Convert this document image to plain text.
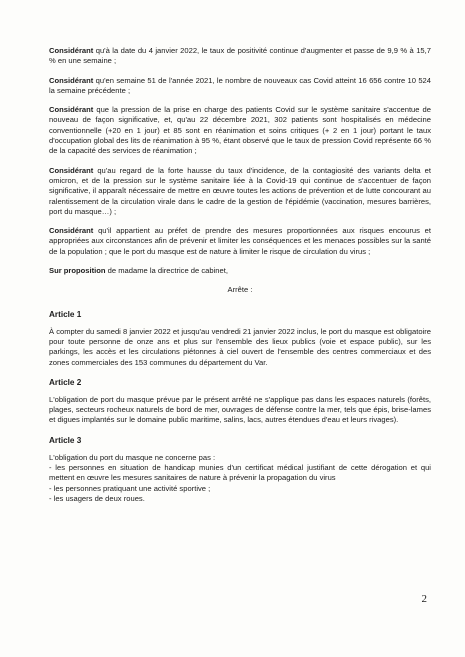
Considérant qu'à la date du 4 janvier 2022, le taux de positivité continue d'augmenter et passe de 9,9 % à 15,7 % en une semaine ;

Considérant qu'en semaine 51 de l'année 2021, le nombre de nouveaux cas Covid atteint 16 656 contre 10 524 la semaine précédente ;

Considérant que la pression de la prise en charge des patients Covid sur le système sanitaire s'accentue de nouveau de façon significative, et, qu'au 22 décembre 2021, 302 patients sont hospitalisés en médecine conventionnelle (+20 en 1 jour) et 85 sont en réanimation et soins critiques (+ 2 en 1 jour) portant le taux d'occupation global des lits de réanimation à 95 %, étant observé que le taux de pression Covid représente 66 % de la capacité des services de réanimation ;

Considérant qu'au regard de la forte hausse du taux d'incidence, de la contagiosité des variants delta et omicron, et de la pression sur le système sanitaire liée à la Covid-19 qui continue de s'accentuer de façon significative, il apparaît nécessaire de mettre en œuvre toutes les actions de prévention et de lutte concourant au ralentissement de la circulation virale dans le cadre de la gestion de l'épidémie (vaccination, mesures barrières, port du masque…) ;

Considérant qu'il appartient au préfet de prendre des mesures proportionnées aux risques encourus et appropriées aux circonstances afin de prévenir et limiter les conséquences et les menaces possibles sur la santé de la population ; que le port du masque est de nature à limiter le risque de circulation du virus ;

Sur proposition de madame la directrice de cabinet,

Arrête :

Article 1

À compter du samedi 8 janvier 2022 et jusqu'au vendredi 21 janvier 2022 inclus, le port du masque est obligatoire pour toute personne de onze ans et plus sur l'ensemble des lieux publics (voie et espace public), sur les parkings, les accès et les circulations piétonnes à ciel ouvert de l'ensemble des centres commerciaux et des zones commerciales des 153 communes du département du Var.

Article 2

L'obligation de port du masque prévue par le présent arrêté ne s'applique pas dans les espaces naturels (forêts, plages, secteurs rocheux naturels de bord de mer, ouvrages de défense contre la mer, tels que épis, brise-lames et digues implantés sur le domaine public maritime, salins, lacs, autres étendues d'eau et leurs rivages).

Article 3

L'obligation du port du masque ne concerne pas :

- les personnes en situation de handicap munies d'un certificat médical justifiant de cette dérogation et qui mettent en œuvre les mesures sanitaires de nature à prévenir la propagation du virus
- les personnes pratiquant une activité sportive ;
- les usagers de deux roues.
2
